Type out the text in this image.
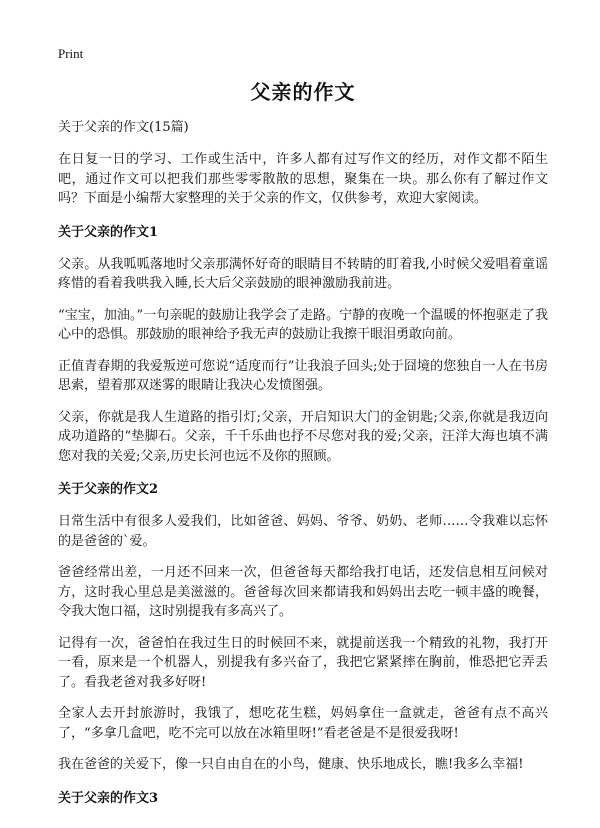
Print
父亲的作文
关于父亲的作文(15篇)

在日复一日的学习、工作或生活中，许多人都有过写作文的经历，对作文都不陌生吧，通过作文可以把我们那些零零散散的思想，聚集在一块。那么你有了解过作文吗？下面是小编帮大家整理的关于父亲的作文，仅供参考，欢迎大家阅读。

关于父亲的作文1

父亲。从我呱呱落地时父亲那满怀好奇的眼睛目不转睛的盯着我,小时候父爱唱着童谣疼惜的看着我哄我入睡,长大后父亲鼓励的眼神激励我前进。

“宝宝，加油。”一句亲昵的鼓励让我学会了走路。宁静的夜晚一个温暖的怀抱驱走了我心中的恐惧。那鼓励的眼神给予我无声的鼓励让我擦干眼泪勇敢向前。

正值青春期的我爱叛逆可您说“适度而行”让我浪子回头;处于囧境的您独自一人在书房思索，望着那双迷雾的眼睛让我决心发愤图强。

父亲，你就是我人生道路的指引灯;父亲，开启知识大门的金钥匙;父亲,你就是我迈向成功道路的“垫脚石。父亲，千千乐曲也抒不尽您对我的爱;父亲，汪洋大海也填不满您对我的关爱;父亲,历史长河也远不及你的照顾。

关于父亲的作文2

日常生活中有很多人爱我们，比如爸爸、妈妈、爷爷、奶奶、老师……令我难以忘怀的是爸爸的`爱。

爸爸经常出差，一月还不回来一次，但爸爸每天都给我打电话，还发信息相互问候对方，这时我心里总是美滋滋的。爸爸每次回来都请我和妈妈出去吃一顿丰盛的晚餐，令我大饱口福，这时别提我有多高兴了。

记得有一次，爸爸怕在我过生日的时候回不来，就提前送我一个精致的礼物，我打开一看，原来是一个机器人，别提我有多兴奋了，我把它紧紧摔在胸前，惟恐把它弄丢了。看我老爸对我多好呀!

全家人去开封旅游时，我饿了，想吃花生糕，妈妈拿住一盒就走，爸爸有点不高兴了，“多拿几盒吧，吃不完可以放在冰箱里呀!”看老爸是不是很爱我呀!

我在爸爸的关爱下，像一只自由自在的小鸟，健康、快乐地成长，瞧!我多么幸福!

关于父亲的作文3
